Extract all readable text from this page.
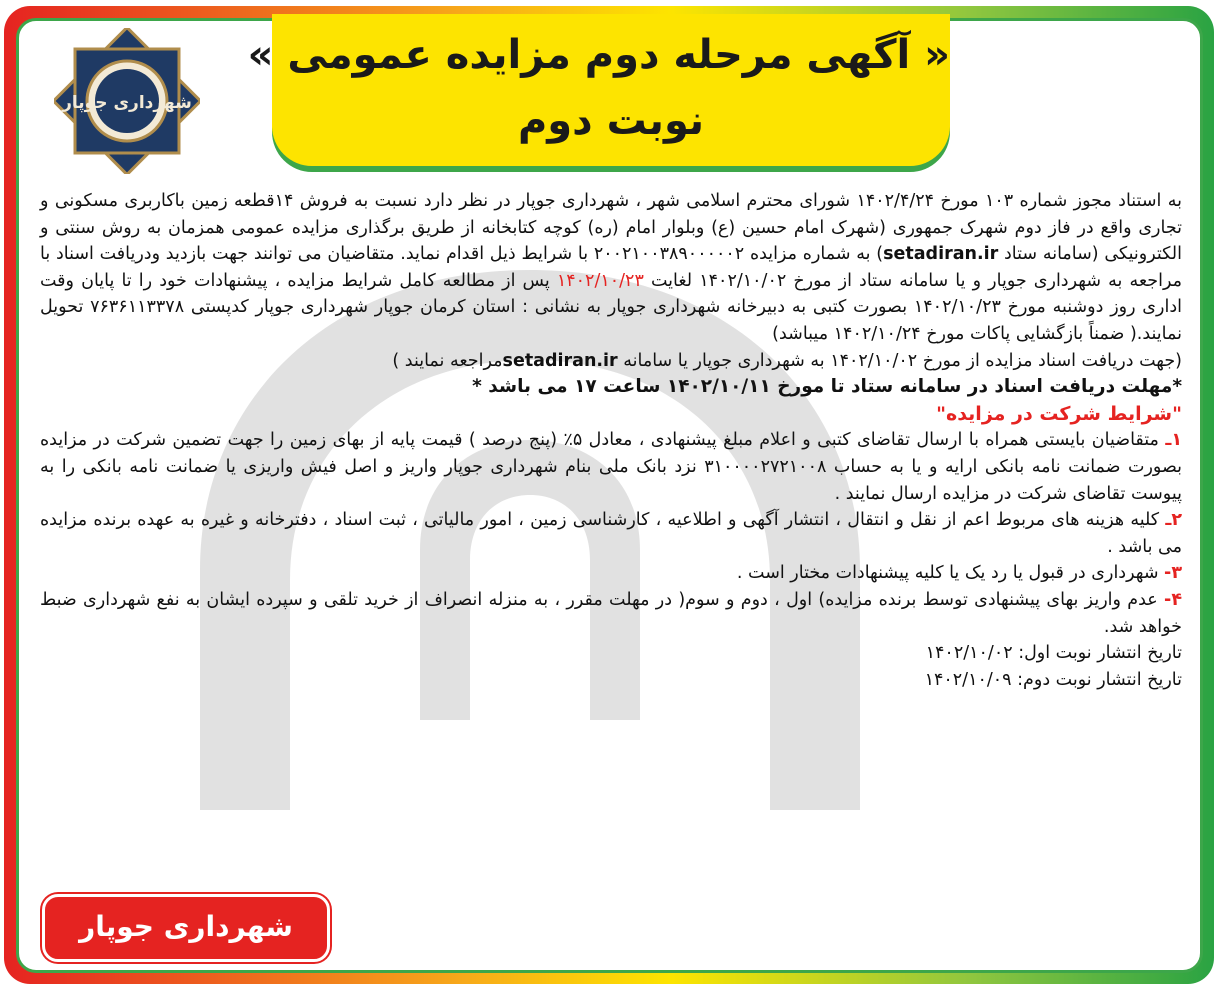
« آگهی مرحله دوم مزایده عمومی »
نوبت دوم
شهرداری جوپار
۱۳۹۱

به استناد مجوز شماره ۱۰۳ مورخ ۱۴۰۲/۴/۲۴ شورای محترم اسلامی شهر ، شهرداری جوپار در نظر دارد نسبت به فروش ۱۴قطعه زمین باکاربری مسکونی و تجاری واقع در فاز دوم شهرک جمهوری (شهرک امام حسین (ع) وبلوار امام (ره) کوچه کتابخانه از طریق برگذاری مزایده عمومی همزمان به روش سنتی و الکترونیکی (سامانه ستاد setadiran.ir) به شماره مزایده ۲۰۰۲۱۰۰۳۸۹۰۰۰۰۰۲ با شرایط ذیل اقدام نماید. متقاضیان می توانند جهت بازدید ودریافت اسناد با مراجعه به شهرداری جوپار و یا سامانه ستاد از مورخ ۱۴۰۲/۱۰/۰۲ لغایت ۱۴۰۲/۱۰/۲۳ پس از مطالعه کامل شرایط مزایده ، پیشنهادات خود را تا پایان وقت اداری روز دوشنبه مورخ ۱۴۰۲/۱۰/۲۳ بصورت کتبی به دبیرخانه شهرداری جوپار به نشانی : استان کرمان جوپار شهرداری جوپار کدپستی ۷۶۳۶۱۱۳۳۷۸ تحویل نمایند.( ضمناً بازگشایی پاکات مورخ ۱۴۰۲/۱۰/۲۴ میباشد)

(جهت دریافت اسناد مزایده از مورخ ۱۴۰۲/۱۰/۰۲ به شهرداری جوپار یا سامانه setadiran.irمراجعه نمایند )

*مهلت دریافت اسناد در سامانه ستاد تا مورخ ۱۴۰۲/۱۰/۱۱ ساعت ۱۷ می باشد *

"شرایط شرکت در مزایده"

۱ـ متقاضیان بایستی همراه با ارسال تقاضای کتبی و اعلام مبلغ پیشنهادی ، معادل ۵٪ (پنج درصد ) قیمت پایه از بهای زمین را جهت تضمین شرکت در مزایده بصورت ضمانت نامه بانکی ارایه و یا به حساب ۳۱۰۰۰۰۲۷۲۱۰۰۸ نزد بانک ملی بنام شهرداری جوپار واریز و اصل فیش واریزی یا ضمانت نامه بانکی را به پیوست تقاضای شرکت در مزایده ارسال نمایند .

۲ـ کلیه هزینه های مربوط اعم از نقل و انتقال ، انتشار آگهی و اطلاعیه ، کارشناسی زمین ، امور مالیاتی ، ثبت اسناد ، دفترخانه و غیره به عهده برنده مزایده می باشد .

۳- شهرداری در قبول یا رد یک یا کلیه پیشنهادات مختار است .

۴- عدم واریز بهای پیشنهادی توسط برنده مزایده) اول ، دوم و سوم( در مهلت مقرر ، به منزله انصراف از خرید تلقی و سپرده ایشان به نفع شهرداری ضبط خواهد شد.

تاریخ انتشار نوبت اول: ۱۴۰۲/۱۰/۰۲

تاریخ انتشار نوبت دوم: ۱۴۰۲/۱۰/۰۹

شهرداری جوپار
